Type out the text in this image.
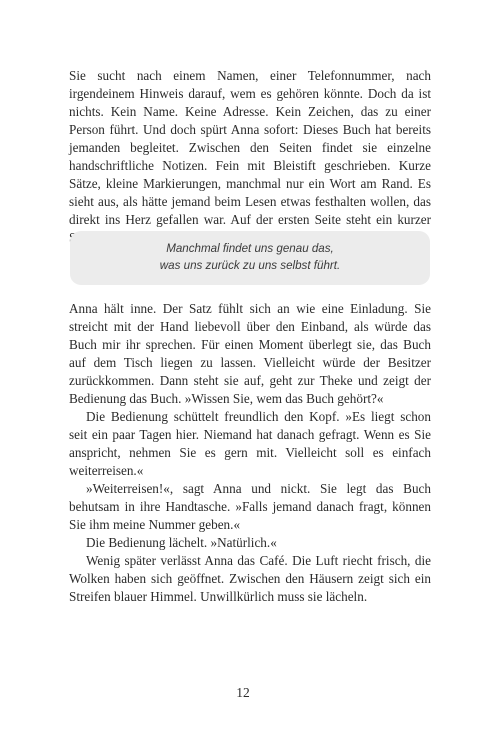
Sie sucht nach einem Namen, einer Telefonnummer, nach irgendeinem Hinweis darauf, wem es gehören könnte. Doch da ist nichts. Kein Name. Keine Adresse. Kein Zeichen, das zu einer Person führt. Und doch spürt Anna sofort: Dieses Buch hat bereits jemanden begleitet. Zwischen den Seiten findet sie einzelne handschriftliche Notizen. Fein mit Bleistift geschrieben. Kurze Sätze, kleine Markierungen, manchmal nur ein Wort am Rand. Es sieht aus, als hätte jemand beim Lesen etwas festhalten wollen, das direkt ins Herz gefallen war. Auf der ersten Seite steht ein kurzer

Manchmal findet uns genau das,
was uns zurück zu uns selbst führt.

Anna hält inne. Der Satz fühlt sich an wie eine Einladung. Sie streicht mit der Hand liebevoll über den Einband, als würde das Buch mir ihr sprechen. Für einen Moment überlegt sie, das Buch auf dem Tisch liegen zu lassen. Vielleicht würde der Besitzer zurückkommen. Dann steht sie auf, geht zur Theke und zeigt der Bedienung das Buch. »Wissen Sie, wem das Buch gehört?«

Die Bedienung schüttelt freundlich den Kopf. »Es liegt schon seit ein paar Tagen hier. Niemand hat danach gefragt. Wenn es Sie anspricht, nehmen Sie es gern mit. Vielleicht soll es einfach weiterreisen.«

»Weiterreisen!«, sagt Anna und nickt. Sie legt das Buch behutsam in ihre Handtasche. »Falls jemand danach fragt, können Sie ihm meine Nummer geben.«

Die Bedienung lächelt. »Natürlich.«

Wenig später verlässt Anna das Café. Die Luft riecht frisch, die Wolken haben sich geöffnet. Zwischen den Häusern zeigt sich ein Streifen blauer Himmel. Unwillkürlich muss sie lächeln.

12
